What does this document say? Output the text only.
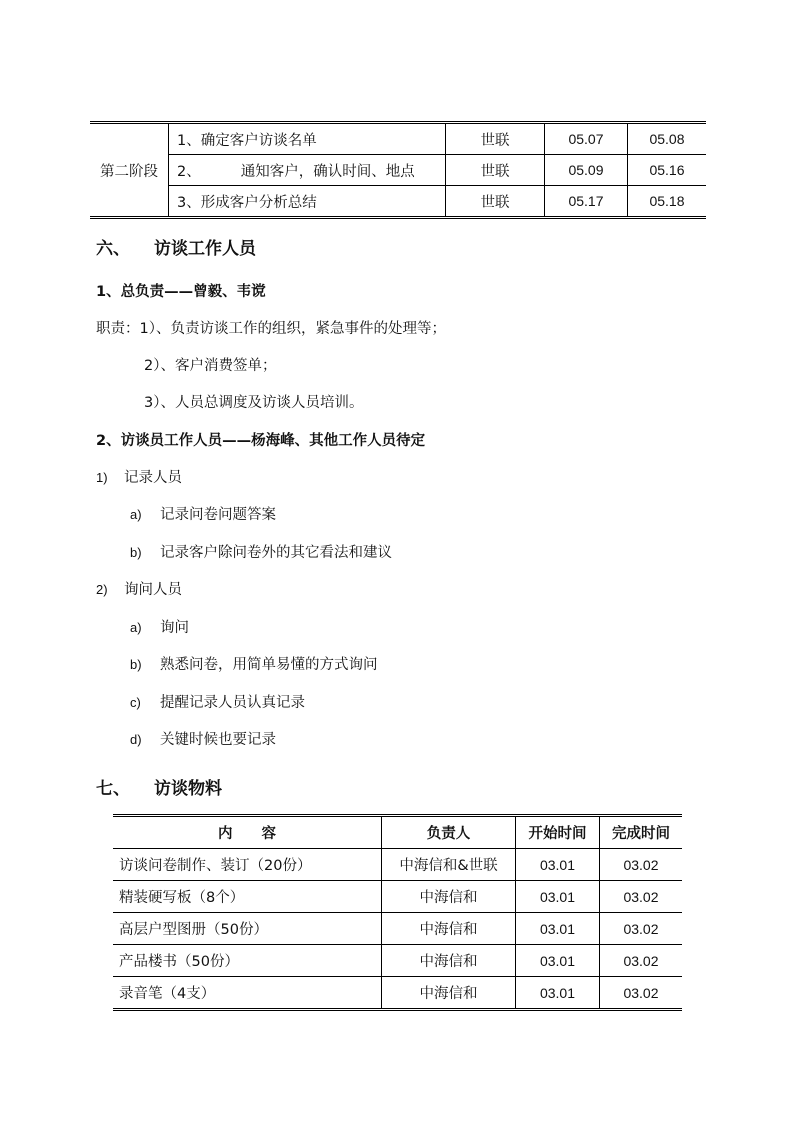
第二阶段	1、确定客户访谈名单	世联	05.07	05.08
	2、 通知客户，确认时间、地点	世联	05.09	05.16
	3、形成客户分析总结	世联	05.17	05.18
六、 访谈工作人员
1、总负责——曾毅、韦谠
职责：1）、负责访谈工作的组织，紧急事件的处理等；
2）、客户消费签单；
3）、人员总调度及访谈人员培训。
2、访谈员工作人员——杨海峰、其他工作人员待定
1) 记录人员
a) 记录问卷问题答案
b) 记录客户除问卷外的其它看法和建议
2) 询问人员
a) 询问
b) 熟悉问卷，用简单易懂的方式询问
c) 提醒记录人员认真记录
d) 关键时候也要记录
七、 访谈物料
内　　容	负责人	开始时间	完成时间
访谈问卷制作、装订（20份）	中海信和&世联	03.01	03.02
精装硬写板（8个）	中海信和	03.01	03.02
高层户型图册（50份）	中海信和	03.01	03.02
产品楼书（50份）	中海信和	03.01	03.02
录音笔（4支）	中海信和	03.01	03.02
